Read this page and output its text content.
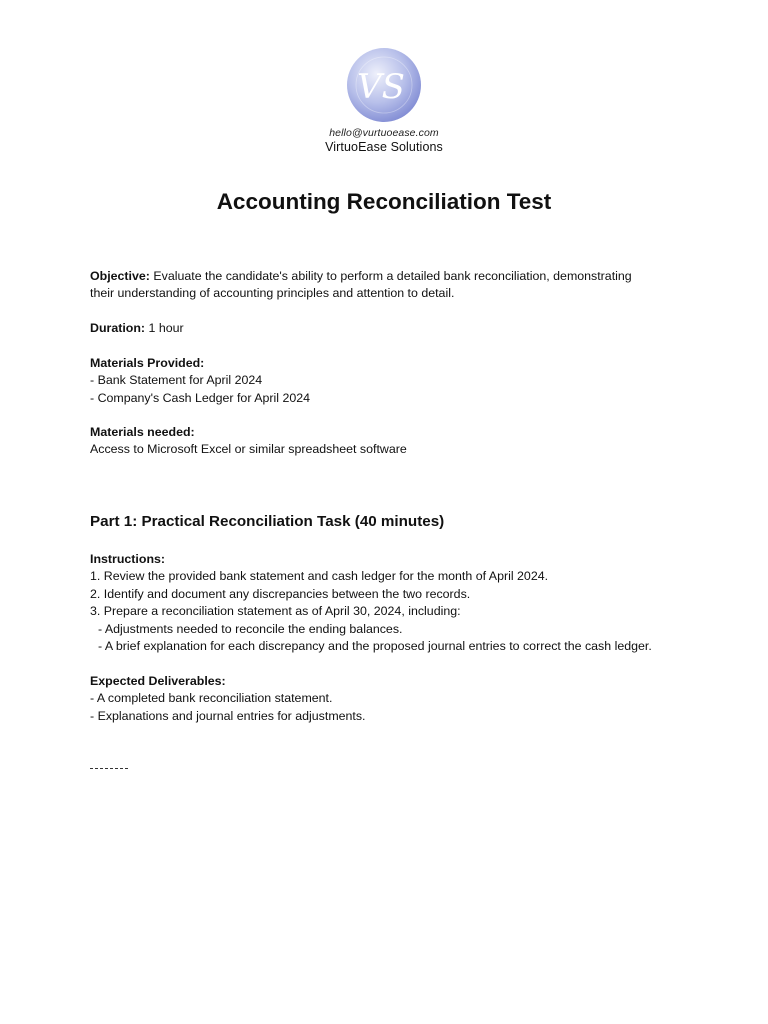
VS
hello@vurtuoease.com
VirtuoEase Solutions
Accounting Reconciliation Test
Objective: Evaluate the candidate's ability to perform a detailed bank reconciliation, demonstrating
their understanding of accounting principles and attention to detail.
Duration: 1 hour
Materials Provided:
- Bank Statement for April 2024
- Company's Cash Ledger for April 2024
Materials needed:
Access to Microsoft Excel or similar spreadsheet software
Part 1: Practical Reconciliation Task (40 minutes)
Instructions:
1. Review the provided bank statement and cash ledger for the month of April 2024.
2. Identify and document any discrepancies between the two records.
3. Prepare a reconciliation statement as of April 30, 2024, including:
- Adjustments needed to reconcile the ending balances.
- A brief explanation for each discrepancy and the proposed journal entries to correct the cash ledger.
Expected Deliverables:
- A completed bank reconciliation statement.
- Explanations and journal entries for adjustments.
